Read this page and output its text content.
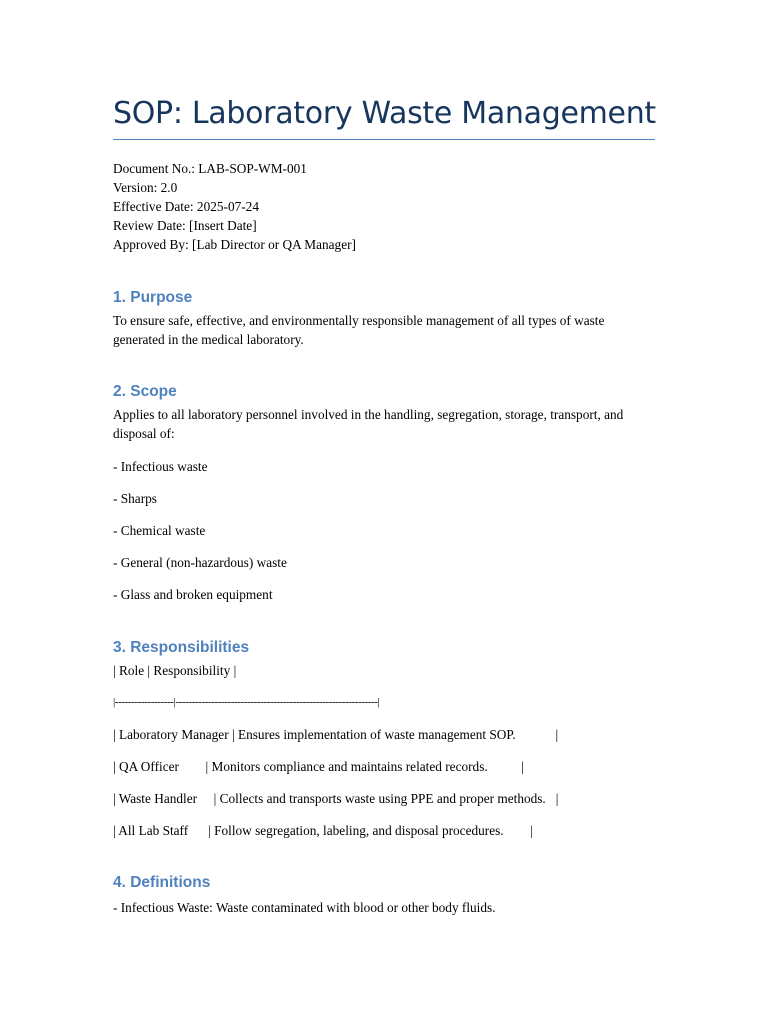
SOP: Laboratory Waste Management

Document No.: LAB-SOP-WM-001

Version: 2.0

Effective Date: 2025-07-24

Review Date: [Insert Date]

Approved By: [Lab Director or QA Manager]

1. Purpose

To ensure safe, effective, and environmentally responsible management of all types of waste generated in the medical laboratory.

2. Scope

Applies to all laboratory personnel involved in the handling, segregation, storage, transport, and disposal of:

- Infectious waste

- Sharps

- Chemical waste

- General (non-hazardous) waste

- Glass and broken equipment

3. Responsibilities

| Role | Responsibility |

|------------------|--------------------------------------------------------------|

| Laboratory Manager | Ensures implementation of waste management SOP.            |

| QA Officer        | Monitors compliance and maintains related records.          |

| Waste Handler     | Collects and transports waste using PPE and proper methods.   |

| All Lab Staff      | Follow segregation, labeling, and disposal procedures.        |

4. Definitions

- Infectious Waste: Waste contaminated with blood or other body fluids.
